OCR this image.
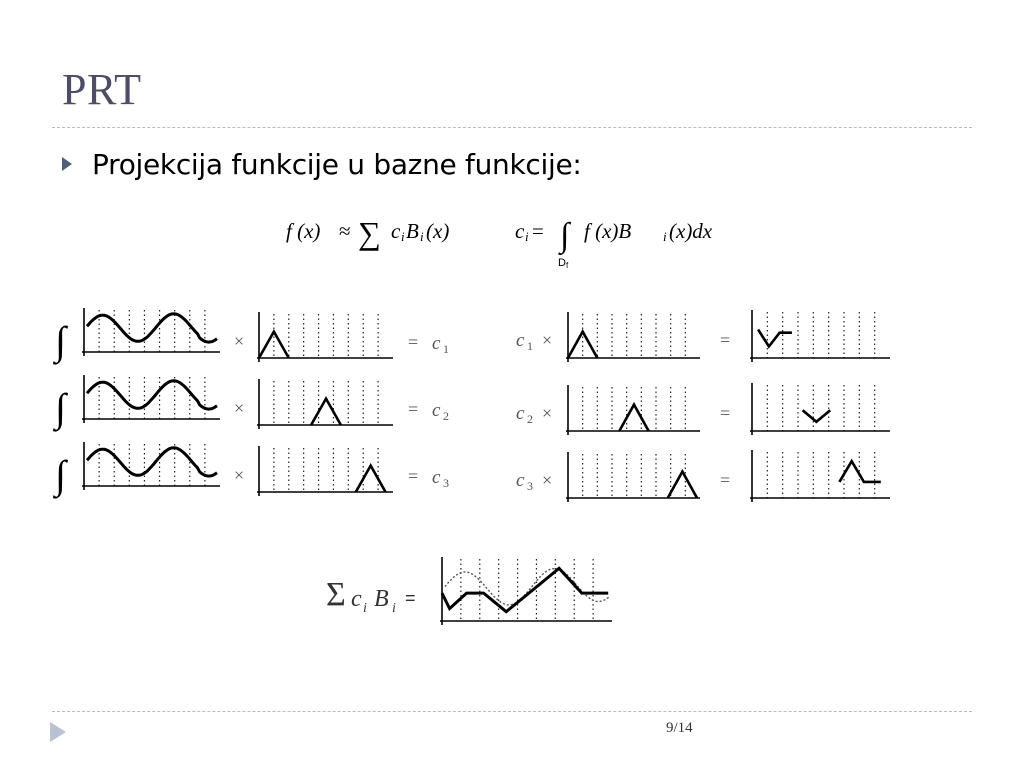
PRT
Projekcija funkcije u bazne funkcije:
f (x) ≈ ∑ c i B i (x)	c i = ∫ f (x)B i (x)dx
D f
∫	×	= c 1	c 1 ×	=
∫	×	= c 2	c 2 ×	=
∫	×	= c 3	c 3 ×	=
Σ c i B i
=
9/14
